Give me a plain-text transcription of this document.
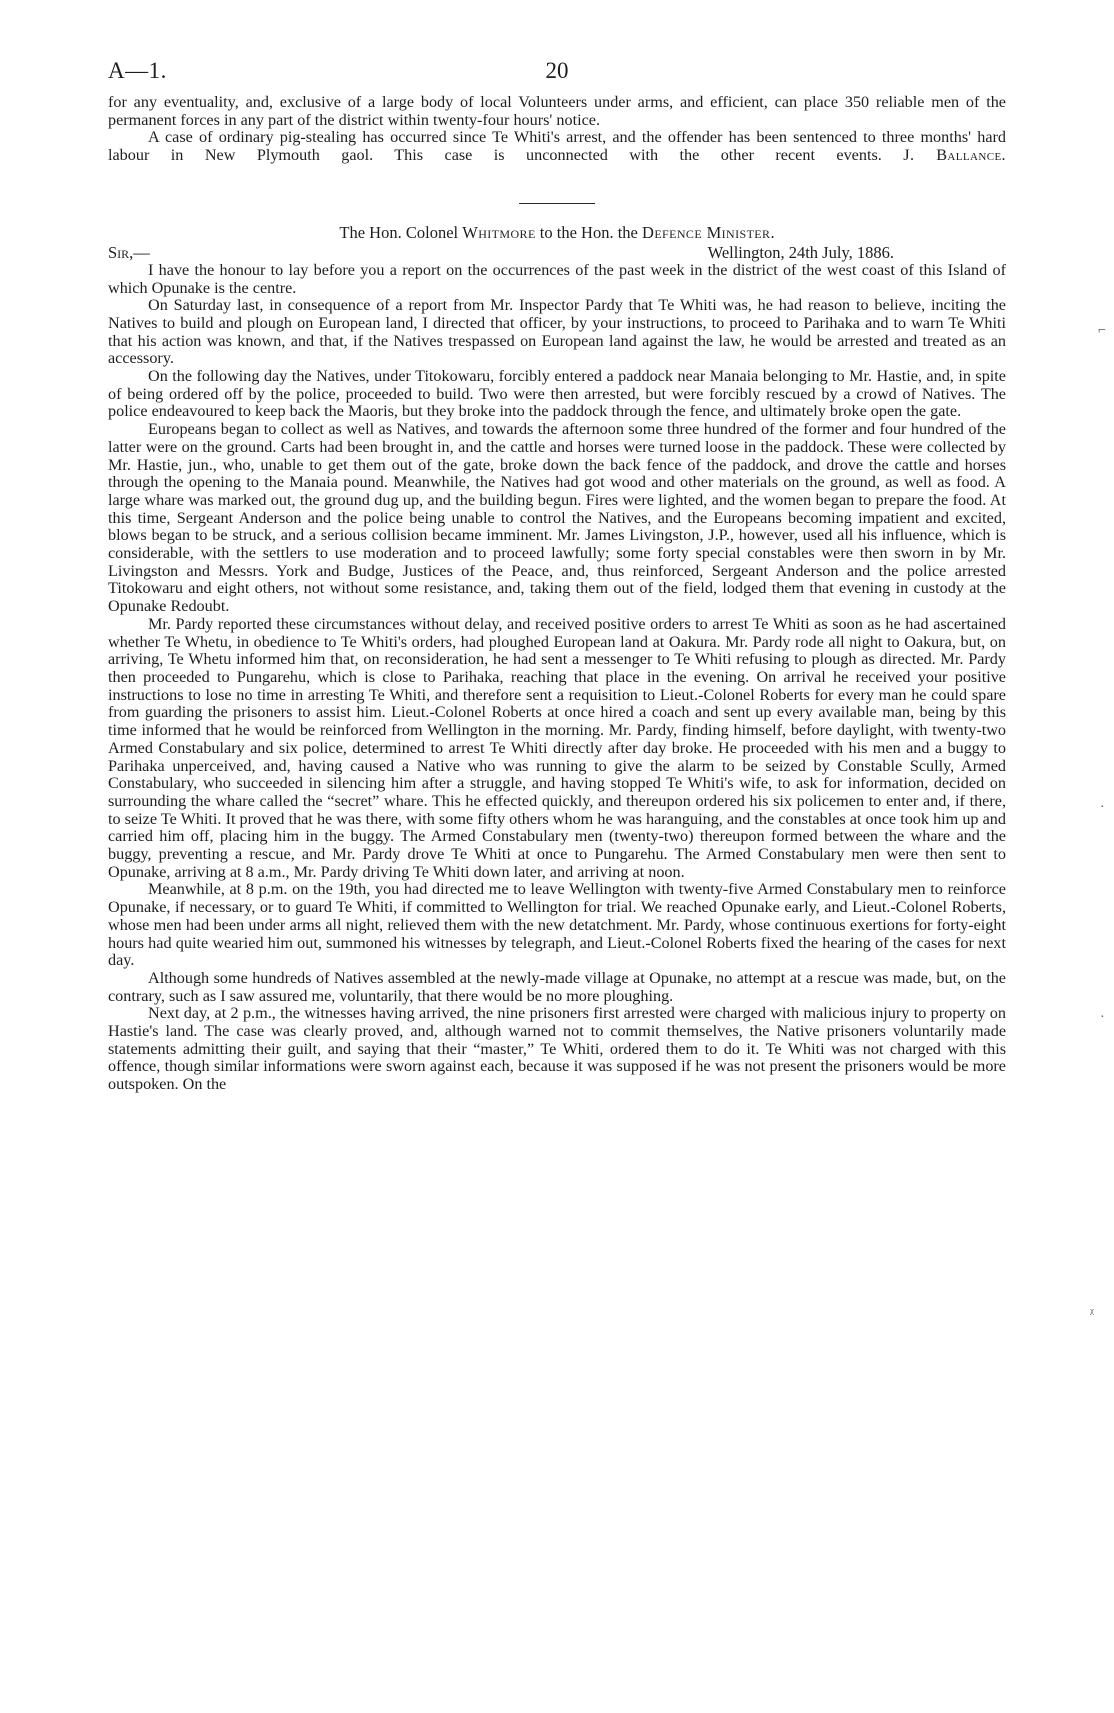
A—1.	20

for any eventuality, and, exclusive of a large body of local Volunteers under arms, and efficient, can place 350 reliable men of the permanent forces in any part of the district within twenty-four hours' notice.

A case of ordinary pig-stealing has occurred since Te Whiti's arrest, and the offender has been sentenced to three months' hard labour in New Plymouth gaol. This case is unconnected with the other recent events. J. Ballance.

The Hon. Colonel Whitmore to the Hon. the Defence Minister.
Sir,—	Wellington, 24th July, 1886.

I have the honour to lay before you a report on the occurrences of the past week in the district of the west coast of this Island of which Opunake is the centre.

On Saturday last, in consequence of a report from Mr. Inspector Pardy that Te Whiti was, he had reason to believe, inciting the Natives to build and plough on European land, I directed that officer, by your instructions, to proceed to Parihaka and to warn Te Whiti that his action was known, and that, if the Natives trespassed on European land against the law, he would be arrested and treated as an accessory.

On the following day the Natives, under Titokowaru, forcibly entered a paddock near Manaia belonging to Mr. Hastie, and, in spite of being ordered off by the police, proceeded to build. Two were then arrested, but were forcibly rescued by a crowd of Natives. The police endeavoured to keep back the Maoris, but they broke into the paddock through the fence, and ultimately broke open the gate.

Europeans began to collect as well as Natives, and towards the afternoon some three hundred of the former and four hundred of the latter were on the ground. Carts had been brought in, and the cattle and horses were turned loose in the paddock. These were collected by Mr. Hastie, jun., who, unable to get them out of the gate, broke down the back fence of the paddock, and drove the cattle and horses through the opening to the Manaia pound. Meanwhile, the Natives had got wood and other materials on the ground, as well as food. A large whare was marked out, the ground dug up, and the building begun. Fires were lighted, and the women began to prepare the food. At this time, Sergeant Anderson and the police being unable to control the Natives, and the Europeans becoming impatient and excited, blows began to be struck, and a serious collision became imminent. Mr. James Livingston, J.P., however, used all his influence, which is considerable, with the settlers to use moderation and to proceed lawfully; some forty special constables were then sworn in by Mr. Livingston and Messrs. York and Budge, Justices of the Peace, and, thus reinforced, Sergeant Anderson and the police arrested Titokowaru and eight others, not without some resistance, and, taking them out of the field, lodged them that evening in custody at the Opunake Redoubt.

Mr. Pardy reported these circumstances without delay, and received positive orders to arrest Te Whiti as soon as he had ascertained whether Te Whetu, in obedience to Te Whiti's orders, had ploughed European land at Oakura. Mr. Pardy rode all night to Oakura, but, on arriving, Te Whetu informed him that, on reconsideration, he had sent a messenger to Te Whiti refusing to plough as directed. Mr. Pardy then proceeded to Pungarehu, which is close to Parihaka, reaching that place in the evening. On arrival he received your positive instructions to lose no time in arresting Te Whiti, and therefore sent a requisition to Lieut.-Colonel Roberts for every man he could spare from guarding the prisoners to assist him. Lieut.-Colonel Roberts at once hired a coach and sent up every available man, being by this time informed that he would be reinforced from Wellington in the morning. Mr. Pardy, finding himself, before daylight, with twenty-two Armed Constabulary and six police, determined to arrest Te Whiti directly after day broke. He proceeded with his men and a buggy to Parihaka unperceived, and, having caused a Native who was running to give the alarm to be seized by Constable Scully, Armed Constabulary, who succeeded in silencing him after a struggle, and having stopped Te Whiti's wife, to ask for information, decided on surrounding the whare called the “secret” whare. This he effected quickly, and thereupon ordered his six policemen to enter and, if there, to seize Te Whiti. It proved that he was there, with some fifty others whom he was haranguing, and the constables at once took him up and carried him off, placing him in the buggy. The Armed Constabulary men (twenty-two) thereupon formed between the whare and the buggy, preventing a rescue, and Mr. Pardy drove Te Whiti at once to Pungarehu. The Armed Constabulary men were then sent to Opunake, arriving at 8 a.m., Mr. Pardy driving Te Whiti down later, and arriving at noon.

Meanwhile, at 8 p.m. on the 19th, you had directed me to leave Wellington with twenty-five Armed Constabulary men to reinforce Opunake, if necessary, or to guard Te Whiti, if committed to Wellington for trial. We reached Opunake early, and Lieut.-Colonel Roberts, whose men had been under arms all night, relieved them with the new detatchment. Mr. Pardy, whose continuous exertions for forty-eight hours had quite wearied him out, summoned his witnesses by telegraph, and Lieut.-Colonel Roberts fixed the hearing of the cases for next day.

Although some hundreds of Natives assembled at the newly-made village at Opunake, no attempt at a rescue was made, but, on the contrary, such as I saw assured me, voluntarily, that there would be no more ploughing.

Next day, at 2 p.m., the witnesses having arrived, the nine prisoners first arrested were charged with malicious injury to property on Hastie's land. The case was clearly proved, and, although warned not to commit themselves, the Native prisoners voluntarily made statements admitting their guilt, and saying that their “master,” Te Whiti, ordered them to do it. Te Whiti was not charged with this offence, though similar informations were sworn against each, because it was supposed if he was not present the prisoners would be more outspoken. On the

⌐
·
·
ᵡ
